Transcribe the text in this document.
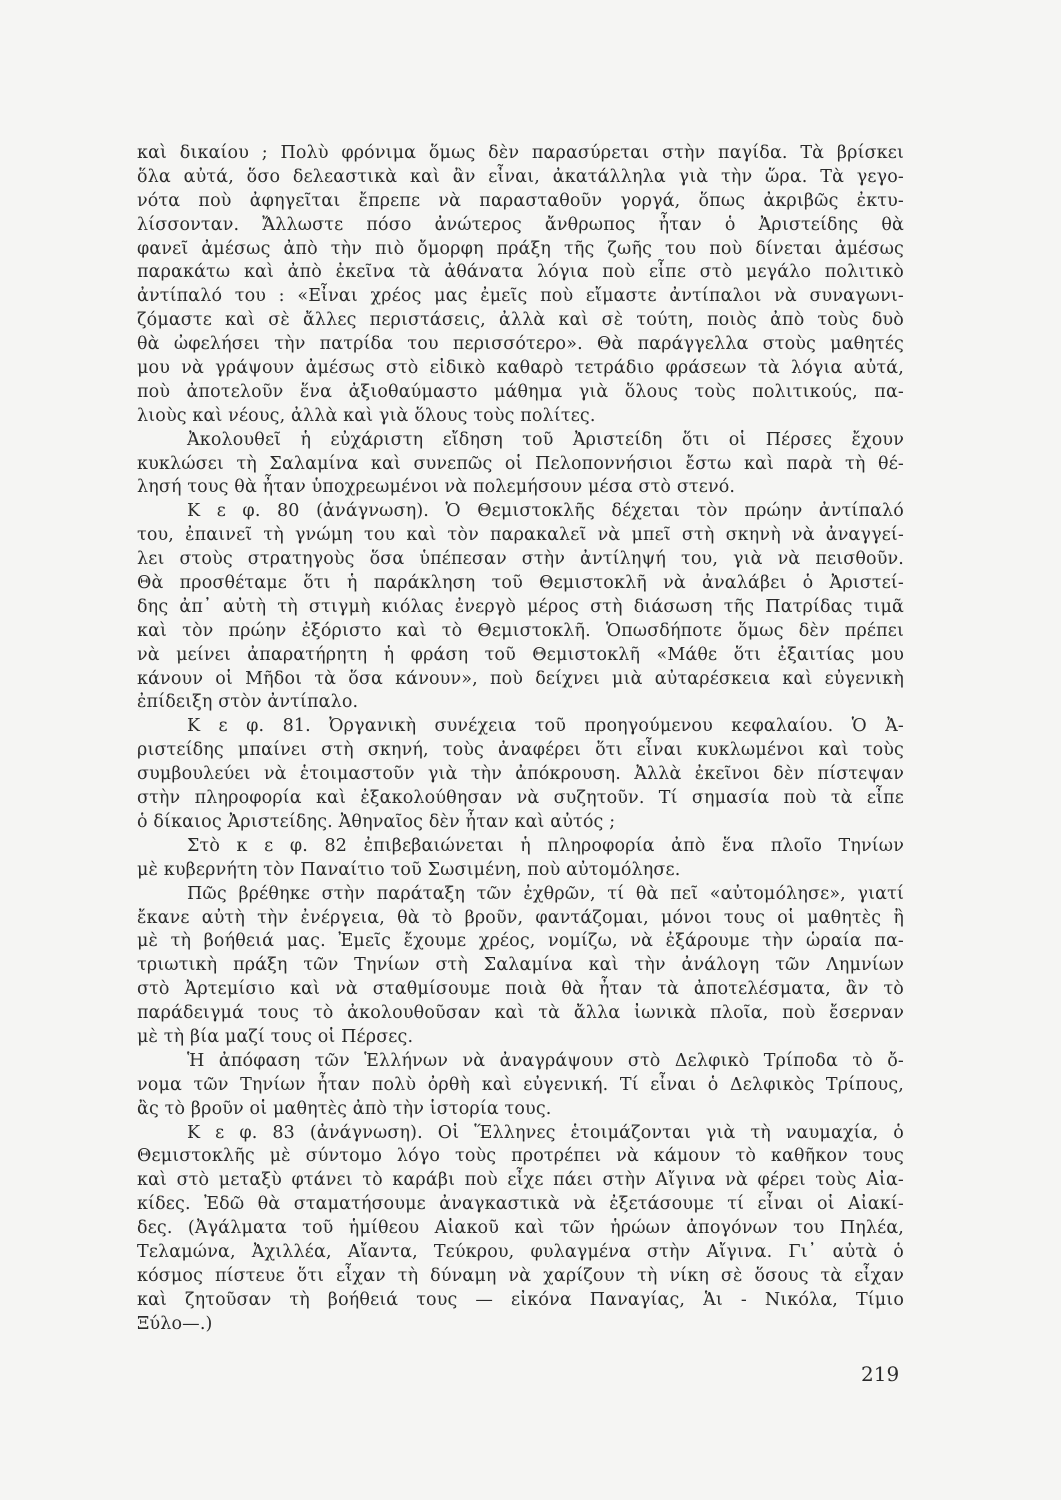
καὶ δικαίου ; Πολὺ φρόνιμα ὅμως δὲν παρασύρεται στὴν παγίδα. Τὰ βρίσκει
ὅλα αὐτά, ὅσο δελεαστικὰ καὶ ἂν εἶναι, ἀκατάλληλα γιὰ τὴν ὥρα. Τὰ γεγο-
νότα ποὺ ἀφηγεῖται ἔπρεπε νὰ παρασταθοῦν γοργά, ὅπως ἀκριβῶς ἐκτυ-
λίσσονταν. Ἄλλωστε πόσο ἀνώτερος ἄνθρωπος ἦταν ὁ Ἀριστείδης θὰ
φανεῖ ἀμέσως ἀπὸ τὴν πιὸ ὄμορφη πράξη τῆς ζωῆς του ποὺ δίνεται ἀμέσως
παρακάτω καὶ ἀπὸ ἐκεῖνα τὰ ἀθάνατα λόγια ποὺ εἶπε στὸ μεγάλο πολιτικὸ
ἀντίπαλό του : «Εἶναι χρέος μας ἐμεῖς ποὺ εἴμαστε ἀντίπαλοι νὰ συναγωνι-
ζόμαστε καὶ σὲ ἄλλες περιστάσεις, ἀλλὰ καὶ σὲ τούτη, ποιὸς ἀπὸ τοὺς δυὸ
θὰ ὠφελήσει τὴν πατρίδα του περισσότερο». Θὰ παράγγελλα στοὺς μαθητές
μου νὰ γράψουν ἀμέσως στὸ εἰδικὸ καθαρὸ τετράδιο φράσεων τὰ λόγια αὐτά,
ποὺ ἀποτελοῦν ἕνα ἀξιοθαύμαστο μάθημα γιὰ ὅλους τοὺς πολιτικούς, πα-
λιοὺς καὶ νέους, ἀλλὰ καὶ γιὰ ὅλους τοὺς πολίτες.
Ἀκολουθεῖ ἡ εὐχάριστη εἴδηση τοῦ Ἀριστείδη ὅτι οἱ Πέρσες ἔχουν
κυκλώσει τὴ Σαλαμίνα καὶ συνεπῶς οἱ Πελοποννήσιοι ἔστω καὶ παρὰ τὴ θέ-
λησή τους θὰ ἦταν ὑποχρεωμένοι νὰ πολεμήσουν μέσα στὸ στενό.
Κ ε φ. 80 (ἀνάγνωση). Ὁ Θεμιστοκλῆς δέχεται τὸν πρώην ἀντίπαλό
του, ἐπαινεῖ τὴ γνώμη του καὶ τὸν παρακαλεῖ νὰ μπεῖ στὴ σκηνὴ νὰ ἀναγγεί-
λει στοὺς στρατηγοὺς ὅσα ὑπέπεσαν στὴν ἀντίληψή του, γιὰ νὰ πεισθοῦν.
Θὰ προσθέταμε ὅτι ἡ παράκληση τοῦ Θεμιστοκλῆ νὰ ἀναλάβει ὁ Ἀριστεί-
δης ἀπ᾿ αὐτὴ τὴ στιγμὴ κιόλας ἐνεργὸ μέρος στὴ διάσωση τῆς Πατρίδας τιμᾶ
καὶ τὸν πρώην ἐξόριστο καὶ τὸ Θεμιστοκλῆ. Ὁπωσδήποτε ὅμως δὲν πρέπει
νὰ μείνει ἀπαρατήρητη ἡ φράση τοῦ Θεμιστοκλῆ «Μάθε ὅτι ἐξαιτίας μου
κάνουν οἱ Μῆδοι τὰ ὅσα κάνουν», ποὺ δείχνει μιὰ αὐταρέσκεια καὶ εὐγενικὴ
ἐπίδειξη στὸν ἀντίπαλο.
Κ ε φ. 81. Ὀργανικὴ συνέχεια τοῦ προηγούμενου κεφαλαίου. Ὁ Ἀ-
ριστείδης μπαίνει στὴ σκηνή, τοὺς ἀναφέρει ὅτι εἶναι κυκλωμένοι καὶ τοὺς
συμβουλεύει νὰ ἑτοιμαστοῦν γιὰ τὴν ἀπόκρουση. Ἀλλὰ ἐκεῖνοι δὲν πίστεψαν
στὴν πληροφορία καὶ ἐξακολούθησαν νὰ συζητοῦν. Τί σημασία ποὺ τὰ εἶπε
ὁ δίκαιος Ἀριστείδης. Ἀθηναῖος δὲν ἦταν καὶ αὐτός ;
Στὸ κ ε φ. 82 ἐπιβεβαιώνεται ἡ πληροφορία ἀπὸ ἕνα πλοῖο Τηνίων
μὲ κυβερνήτη τὸν Παναίτιο τοῦ Σωσιμένη, ποὺ αὐτομόλησε.
Πῶς βρέθηκε στὴν παράταξη τῶν ἐχθρῶν, τί θὰ πεῖ «αὐτομόλησε», γιατί
ἔκανε αὐτὴ τὴν ἐνέργεια, θὰ τὸ βροῦν, φαντάζομαι, μόνοι τους οἱ μαθητὲς ἢ
μὲ τὴ βοήθειά μας. Ἐμεῖς ἔχουμε χρέος, νομίζω, νὰ ἐξάρουμε τὴν ὡραία πα-
τριωτικὴ πράξη τῶν Τηνίων στὴ Σαλαμίνα καὶ τὴν ἀνάλογη τῶν Λημνίων
στὸ Ἀρτεμίσιο καὶ νὰ σταθμίσουμε ποιὰ θὰ ἦταν τὰ ἀποτελέσματα, ἂν τὸ
παράδειγμά τους τὸ ἀκολουθοῦσαν καὶ τὰ ἄλλα ἰωνικὰ πλοῖα, ποὺ ἔσερναν
μὲ τὴ βία μαζί τους οἱ Πέρσες.
Ἡ ἀπόφαση τῶν Ἑλλήνων νὰ ἀναγράψουν στὸ Δελφικὸ Τρίποδα τὸ ὄ-
νομα τῶν Τηνίων ἦταν πολὺ ὀρθὴ καὶ εὐγενική. Τί εἶναι ὁ Δελφικὸς Τρίπους,
ἂς τὸ βροῦν οἱ μαθητὲς ἀπὸ τὴν ἱστορία τους.
Κ ε φ. 83 (ἀνάγνωση). Οἱ Ἕλληνες ἑτοιμάζονται γιὰ τὴ ναυμαχία, ὁ
Θεμιστοκλῆς μὲ σύντομο λόγο τοὺς προτρέπει νὰ κάμουν τὸ καθῆκον τους
καὶ στὸ μεταξὺ φτάνει τὸ καράβι ποὺ εἶχε πάει στὴν Αἴγινα νὰ φέρει τοὺς Αἰα-
κίδες. Ἐδῶ θὰ σταματήσουμε ἀναγκαστικὰ νὰ ἐξετάσουμε τί εἶναι οἱ Αἰακί-
δες. (Ἀγάλματα τοῦ ἡμίθεου Αἰακοῦ καὶ τῶν ἡρώων ἀπογόνων του Πηλέα,
Τελαμώνα, Ἀχιλλέα, Αἴαντα, Τεύκρου, φυλαγμένα στὴν Αἴγινα. Γι᾿ αὐτὰ ὁ
κόσμος πίστευε ὅτι εἶχαν τὴ δύναμη νὰ χαρίζουν τὴ νίκη σὲ ὅσους τὰ εἶχαν
καὶ ζητοῦσαν τὴ βοήθειά τους — εἰκόνα Παναγίας, Ἁι - Νικόλα, Τίμιο
Ξύλο—.)
219
